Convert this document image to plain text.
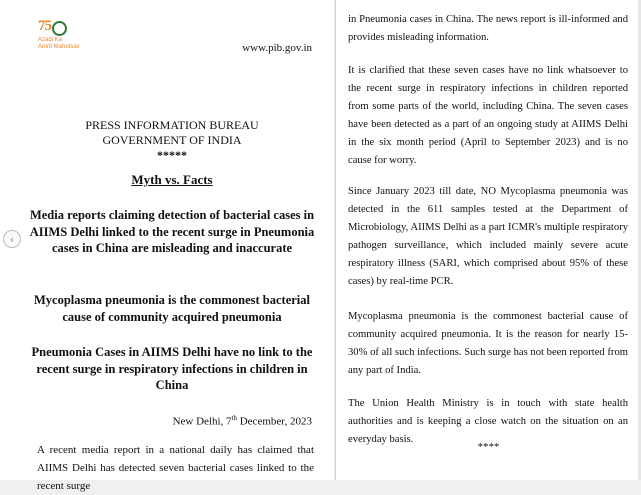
75
Azadi Ka
Amrit Mahotsav	www.pib.gov.in
PRESS INFORMATION BUREAU
GOVERNMENT OF INDIA
*****
Myth vs. Facts
Media reports claiming detection of bacterial cases in AIIMS Delhi linked to the recent surge in Pneumonia cases in China are misleading and inaccurate
Mycoplasma pneumonia is the commonest bacterial cause of community acquired pneumonia
Pneumonia Cases in AIIMS Delhi have no link to the recent surge in respiratory infections in children in China
New Delhi, 7th December, 2023
A recent media report in a national daily has claimed that AIIMS Delhi has detected seven bacterial cases linked to the recent surge
‹
in Pneumonia cases in China. The news report is ill-informed and provides misleading information.
It is clarified that these seven cases have no link whatsoever to the recent surge in respiratory infections in children reported from some parts of the world, including China. The seven cases have been detected as a part of an ongoing study at AIIMS Delhi in the six month period (April to September 2023) and is no cause for worry.
Since January 2023 till date, NO Mycoplasma pneumonia was detected in the 611 samples tested at the Department of Microbiology, AIIMS Delhi as a part ICMR's multiple respiratory pathogen surveillance, which included mainly severe acute respiratory illness (SARI, which comprised about 95% of these cases) by real-time PCR.
Mycoplasma pneumonia is the commonest bacterial cause of community acquired pneumonia. It is the reason for nearly 15-30% of all such infections. Such surge has not been reported from any part of India.
The Union Health Ministry is in touch with state health authorities and is keeping a close watch on the situation on an everyday basis.
****
